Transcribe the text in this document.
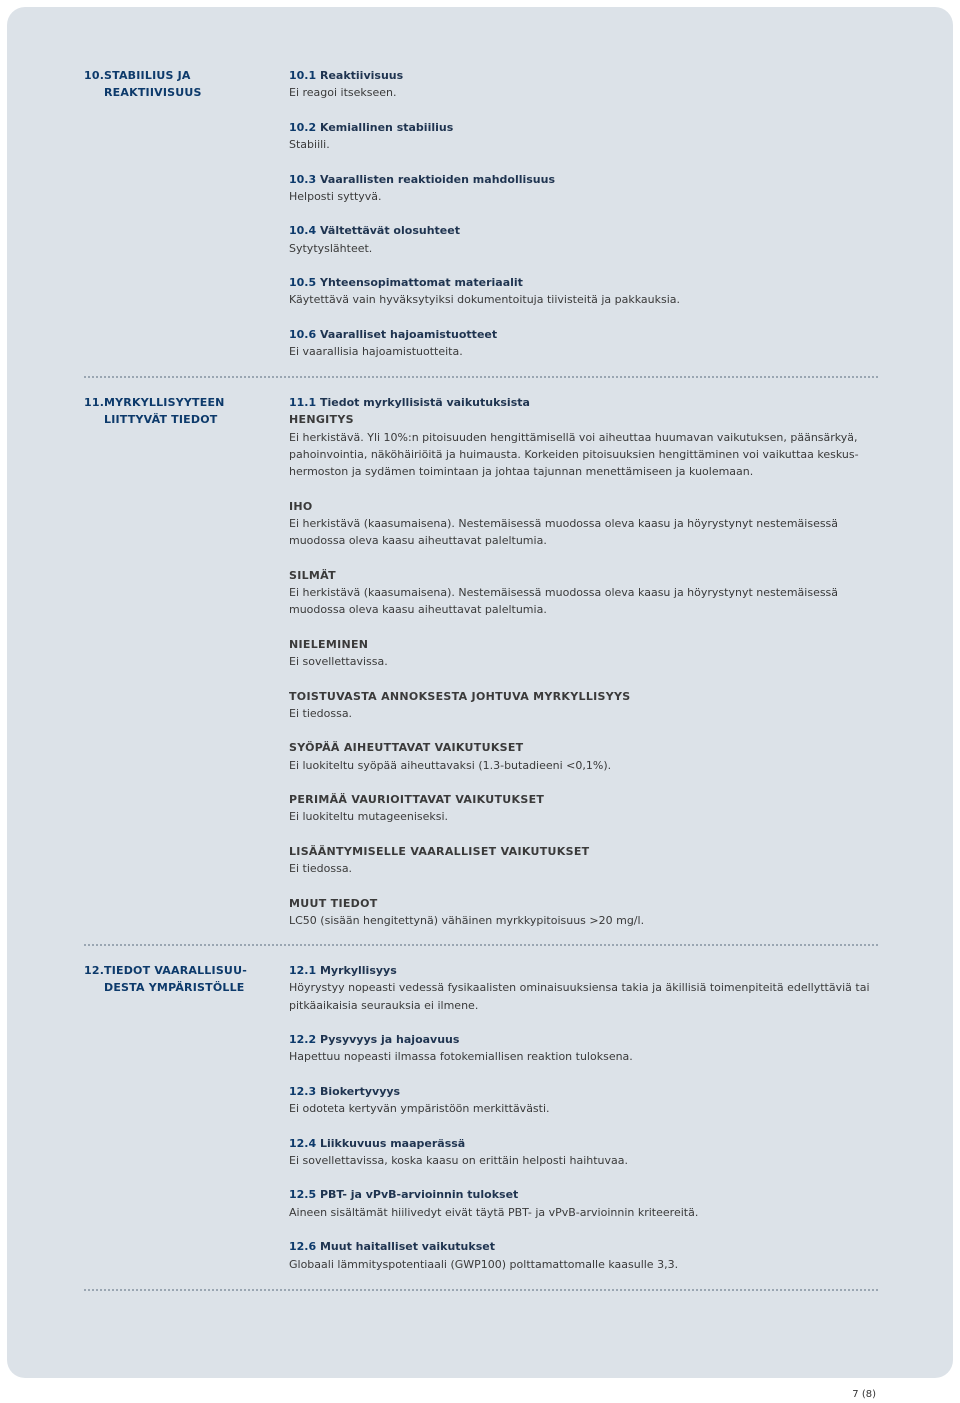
10.STABIILIUS JA
REAKTIIVISUUS
10.1 Reaktiivisuus

Ei reagoi itsekseen.

10.2 Kemiallinen stabiilius

Stabiili.

10.3 Vaarallisten reaktioiden mahdollisuus

Helposti syttyvä.

10.4 Vältettävät olosuhteet

Sytytyslähteet.

10.5 Yhteensopimattomat materiaalit

Käytettävä vain hyväksytyiksi dokumentoituja tiivisteitä ja pakkauksia.

10.6 Vaaralliset hajoamistuotteet

Ei vaarallisia hajoamistuotteita.

11.MYRKYLLISYYTEEN
LIITTYVÄT TIEDOT
11.1 Tiedot myrkyllisistä vaikutuksista

HENGITYS

Ei herkistävä. Yli 10%:n pitoisuuden hengittämisellä voi aiheuttaa huumavan vaikutuksen, päänsärkyä, pahoinvointia, näköhäiriöitä ja huimausta. Korkeiden pitoisuuksien hengittäminen voi vaikuttaa keskus-hermoston ja sydämen toimintaan ja johtaa tajunnan menettämiseen ja kuolemaan.

IHO

Ei herkistävä (kaasumaisena). Nestemäisessä muodossa oleva kaasu ja höyrystynyt nestemäisessä muodossa oleva kaasu aiheuttavat paleltumia.

SILMÄT

Ei herkistävä (kaasumaisena). Nestemäisessä muodossa oleva kaasu ja höyrystynyt nestemäisessä muodossa oleva kaasu aiheuttavat paleltumia.

NIELEMINEN

Ei sovellettavissa.

TOISTUVASTA ANNOKSESTA JOHTUVA MYRKYLLISYYS

Ei tiedossa.

SYÖPÄÄ AIHEUTTAVAT VAIKUTUKSET

Ei luokiteltu syöpää aiheuttavaksi (1.3-butadieeni <0,1%).

PERIMÄÄ VAURIOITTAVAT VAIKUTUKSET

Ei luokiteltu mutageeniseksi.

LISÄÄNTYMISELLE VAARALLISET VAIKUTUKSET

Ei tiedossa.

MUUT TIEDOT

LC50 (sisään hengitettynä) vähäinen myrkkypitoisuus >20 mg/l.

12.TIEDOT VAARALLISUU-
DESTA YMPÄRISTÖLLE
12.1 Myrkyllisyys

Höyrystyy nopeasti vedessä fysikaalisten ominaisuuksiensa takia ja äkillisiä toimenpiteitä edellyttäviä tai pitkäaikaisia seurauksia ei ilmene.

12.2 Pysyvyys ja hajoavuus

Hapettuu nopeasti ilmassa fotokemiallisen reaktion tuloksena.

12.3 Biokertyvyys

Ei odoteta kertyvän ympäristöön merkittävästi.

12.4 Liikkuvuus maaperässä

Ei sovellettavissa, koska kaasu on erittäin helposti haihtuvaa.

12.5 PBT- ja vPvB-arvioinnin tulokset

Aineen sisältämät hiilivedyt eivät täytä PBT- ja vPvB-arvioinnin kriteereitä.

12.6 Muut haitalliset vaikutukset

Globaali lämmityspotentiaali (GWP100) polttamattomalle kaasulle 3,3.

7 (8)
